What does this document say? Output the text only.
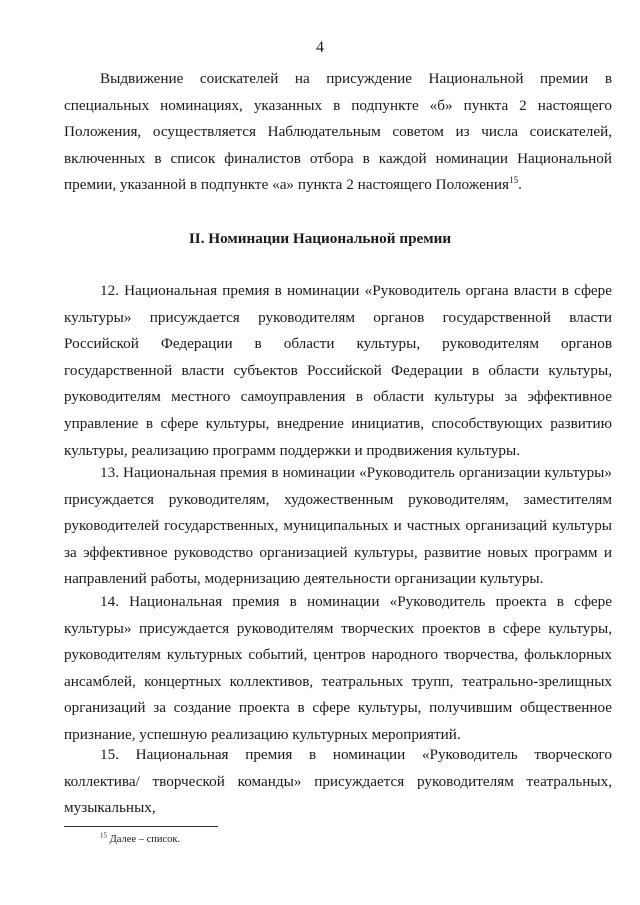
4

Выдвижение соискателей на присуждение Национальной премии в специальных номинациях, указанных в подпункте «б» пункта 2 настоящего Положения, осуществляется Наблюдательным советом из числа соискателей, включенных в список финалистов отбора в каждой номинации Национальной премии, указанной в подпункте «а» пункта 2 настоящего Положения$^{15}$.

II. Номинации Национальной премии

12. Национальная премия в номинации «Руководитель органа власти в сфере культуры» присуждается руководителям органов государственной власти Российской Федерации в области культуры, руководителям органов государственной власти субъектов Российской Федерации в области культуры, руководителям местного самоуправления в области культуры за эффективное управление в сфере культуры, внедрение инициатив, способствующих развитию культуры, реализацию программ поддержки и продвижения культуры.

13. Национальная премия в номинации «Руководитель организации культуры» присуждается руководителям, художественным руководителям, заместителям руководителей государственных, муниципальных и частных организаций культуры за эффективное руководство организацией культуры, развитие новых программ и направлений работы, модернизацию деятельности организации культуры.

14. Национальная премия в номинации «Руководитель проекта в сфере культуры» присуждается руководителям творческих проектов в сфере культуры, руководителям культурных событий, центров народного творчества, фольклорных ансамблей, концертных коллективов, театральных трупп, театрально-зрелищных организаций за создание проекта в сфере культуры, получившим общественное признание, успешную реализацию культурных мероприятий.

15. Национальная премия в номинации «Руководитель творческого коллектива/ творческой команды» присуждается руководителям театральных, музыкальных,

$^{15}$ Далее – список.
